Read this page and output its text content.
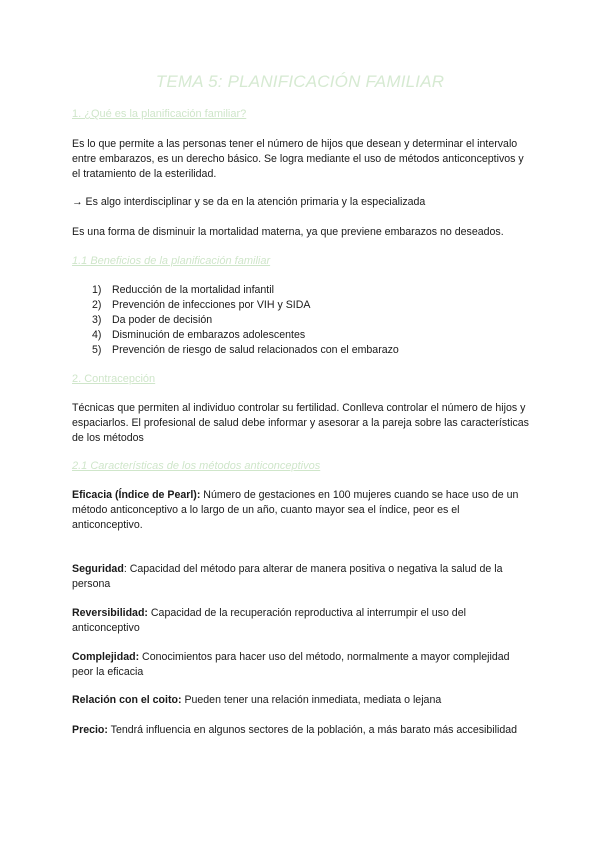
TEMA 5: PLANIFICACIÓN FAMILIAR
1. ¿Qué es la planificación familiar?
Es lo que permite a las personas tener el número de hijos que desean y determinar el intervalo entre embarazos, es un derecho básico. Se logra mediante el uso de métodos anticonceptivos y el tratamiento de la esterilidad.
→ Es algo interdisciplinar y se da en la atención primaria y la especializada
Es una forma de disminuir la mortalidad materna, ya que previene embarazos no deseados.
1.1 Beneficios de la planificación familiar
1) Reducción de la mortalidad infantil
2) Prevención de infecciones por VIH y SIDA
3) Da poder de decisión
4) Disminución de embarazos adolescentes
5) Prevención de riesgo de salud relacionados con el embarazo
2. Contracepción
Técnicas que permiten al individuo controlar su fertilidad. Conlleva controlar el número de hijos y espaciarlos. El profesional de salud debe informar y asesorar a la pareja sobre las características de los métodos
2.1 Características de los métodos anticonceptivos
Eficacia (Índice de Pearl): Número de gestaciones en 100 mujeres cuando se hace uso de un método anticonceptivo a lo largo de un año, cuanto mayor sea el índice, peor es el anticonceptivo.
Seguridad: Capacidad del método para alterar de manera positiva o negativa la salud de la persona
Reversibilidad: Capacidad de la recuperación reproductiva al interrumpir el uso del anticonceptivo
Complejidad: Conocimientos para hacer uso del método, normalmente a mayor complejidad peor la eficacia
Relación con el coito: Pueden tener una relación inmediata, mediata o lejana
Precio: Tendrá influencia en algunos sectores de la población, a más barato más accesibilidad
